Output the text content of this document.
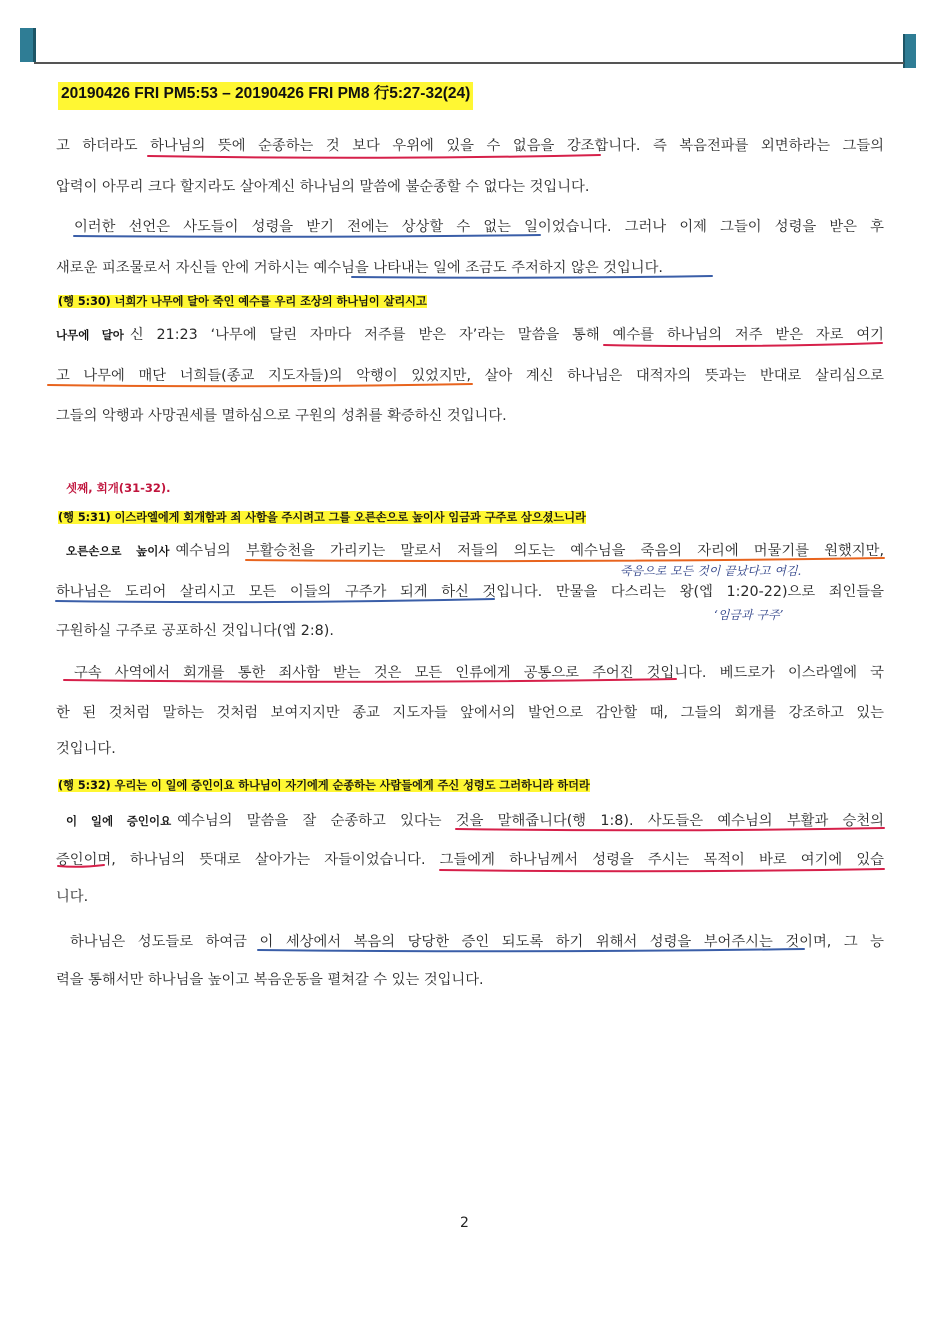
20190426 FRI PM5:53 – 20190426 FRI PM8 行5:27-32(24)
고 하더라도 하나님의 뜻에 순종하는 것 보다 우위에 있을 수 없음을 강조합니다. 즉 복음전파를 외면하라는 그들의
압력이 아무리 크다 할지라도 살아계신 하나님의 말씀에 불순종할 수 없다는 것입니다.
이러한 선언은 사도들이 성령을 받기 전에는 상상할 수 없는 일이었습니다. 그러나 이제 그들이 성령을 받은 후
새로운 피조물로서 자신들 안에 거하시는 예수님을 나타내는 일에 조금도 주저하지 않은 것입니다.
(행 5:30) 너희가 나무에 달아 죽인 예수를 우리 조상의 하나님이 살리시고
나무에 달아 신 21:23 ‘나무에 달린 자마다 저주를 받은 자’라는 말씀을 통해 예수를 하나님의 저주 받은 자로 여기
고 나무에 매단 너희들(종교 지도자들)의 악행이 있었지만, 살아 계신 하나님은 대적자의 뜻과는 반대로 살리심으로
그들의 악행과 사망권세를 멸하심으로 구원의 성취를 확증하신 것입니다.
셋째, 회개(31-32).
(행 5:31) 이스라엘에게 회개함과 죄 사함을 주시려고 그를 오른손으로 높이사 임금과 구주로 삼으셨느니라
오른손으로 높이사 예수님의 부활승천을 가리키는 말로서 저들의 의도는 예수님을 죽음의 자리에 머물기를 원했지만,
하나님은 도리어 살리시고 모든 이들의 구주가 되게 하신 것입니다. 만물을 다스리는 왕(엡 1:20-22)으로 죄인들을
구원하실 구주로 공포하신 것입니다(엡 2:8).
죽음으로 모든 것이 끝났다고 여김.
‘임금과 구주’
구속 사역에서 회개를 통한 죄사함 받는 것은 모든 인류에게 공통으로 주어진 것입니다. 베드로가 이스라엘에 국
한 된 것처럼 말하는 것처럼 보여지지만 종교 지도자들 앞에서의 발언으로 감안할 때, 그들의 회개를 강조하고 있는
것입니다.
(행 5:32) 우리는 이 일에 증인이요 하나님이 자기에게 순종하는 사람들에게 주신 성령도 그러하니라 하더라
이 일에 증인이요 예수님의 말씀을 잘 순종하고 있다는 것을 말해줍니다(행 1:8). 사도들은 예수님의 부활과 승천의
증인이며, 하나님의 뜻대로 살아가는 자들이었습니다. 그들에게 하나님께서 성령을 주시는 목적이 바로 여기에 있습
니다.
하나님은 성도들로 하여금 이 세상에서 복음의 당당한 증인 되도록 하기 위해서 성령을 부어주시는 것이며, 그 능
력을 통해서만 하나님을 높이고 복음운동을 펼쳐갈 수 있는 것입니다.
2
